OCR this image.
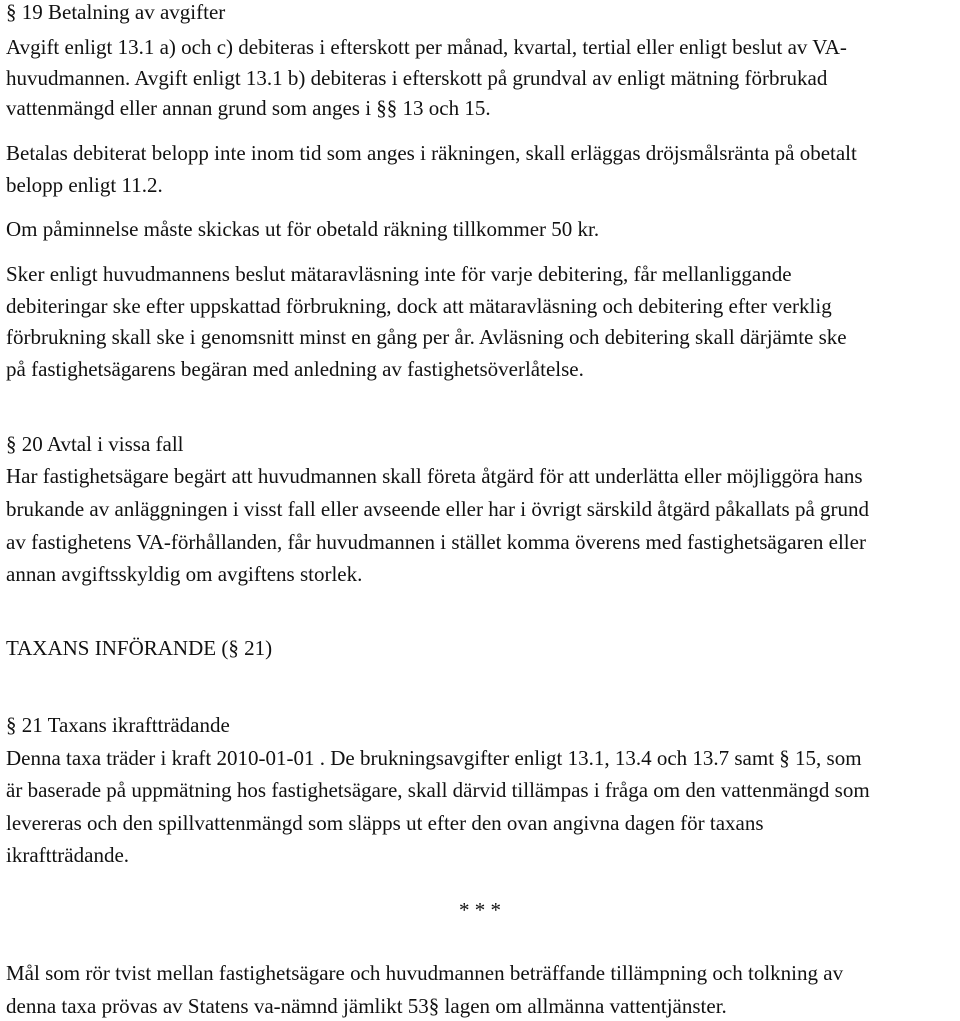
§ 19 Betalning av avgifter
Avgift enligt 13.1 a) och c) debiteras i efterskott per månad, kvartal, tertial eller enligt beslut av VA-
huvudmannen. Avgift enligt 13.1 b) debiteras i efterskott på grundval av enligt mätning förbrukad
vattenmängd eller annan grund som anges i §§ 13 och 15.
Betalas debiterat belopp inte inom tid som anges i räkningen, skall erläggas dröjsmålsränta på obetalt
belopp enligt 11.2.
Om påminnelse måste skickas ut för obetald räkning tillkommer 50 kr.
Sker enligt huvudmannens beslut mätaravläsning inte för varje debitering, får mellanliggande
debiteringar ske efter uppskattad förbrukning, dock att mätaravläsning och debitering efter verklig
förbrukning skall ske i genomsnitt minst en gång per år. Avläsning och debitering skall därjämte ske
på fastighetsägarens begäran med anledning av fastighetsöverlåtelse.
§ 20 Avtal i vissa fall
Har fastighetsägare begärt att huvudmannen skall företa åtgärd för att underlätta eller möjliggöra hans
brukande av anläggningen i visst fall eller avseende eller har i övrigt särskild åtgärd påkallats på grund
av fastighetens VA-förhållanden, får huvudmannen i stället komma överens med fastighetsägaren eller
annan avgiftsskyldig om avgiftens storlek.
TAXANS INFÖRANDE (§ 21)
§ 21 Taxans ikraftträdande
Denna taxa träder i kraft 2010-01-01 . De brukningsavgifter enligt 13.1, 13.4 och 13.7 samt § 15, som
är baserade på uppmätning hos fastighetsägare, skall därvid tillämpas i fråga om den vattenmängd som
levereras och den spillvattenmängd som släpps ut efter den ovan angivna dagen för taxans
ikraftträdande.
* * *
Mål som rör tvist mellan fastighetsägare och huvudmannen beträffande tillämpning och tolkning av
denna taxa prövas av Statens va-nämnd jämlikt 53§ lagen om allmänna vattentjänster.
